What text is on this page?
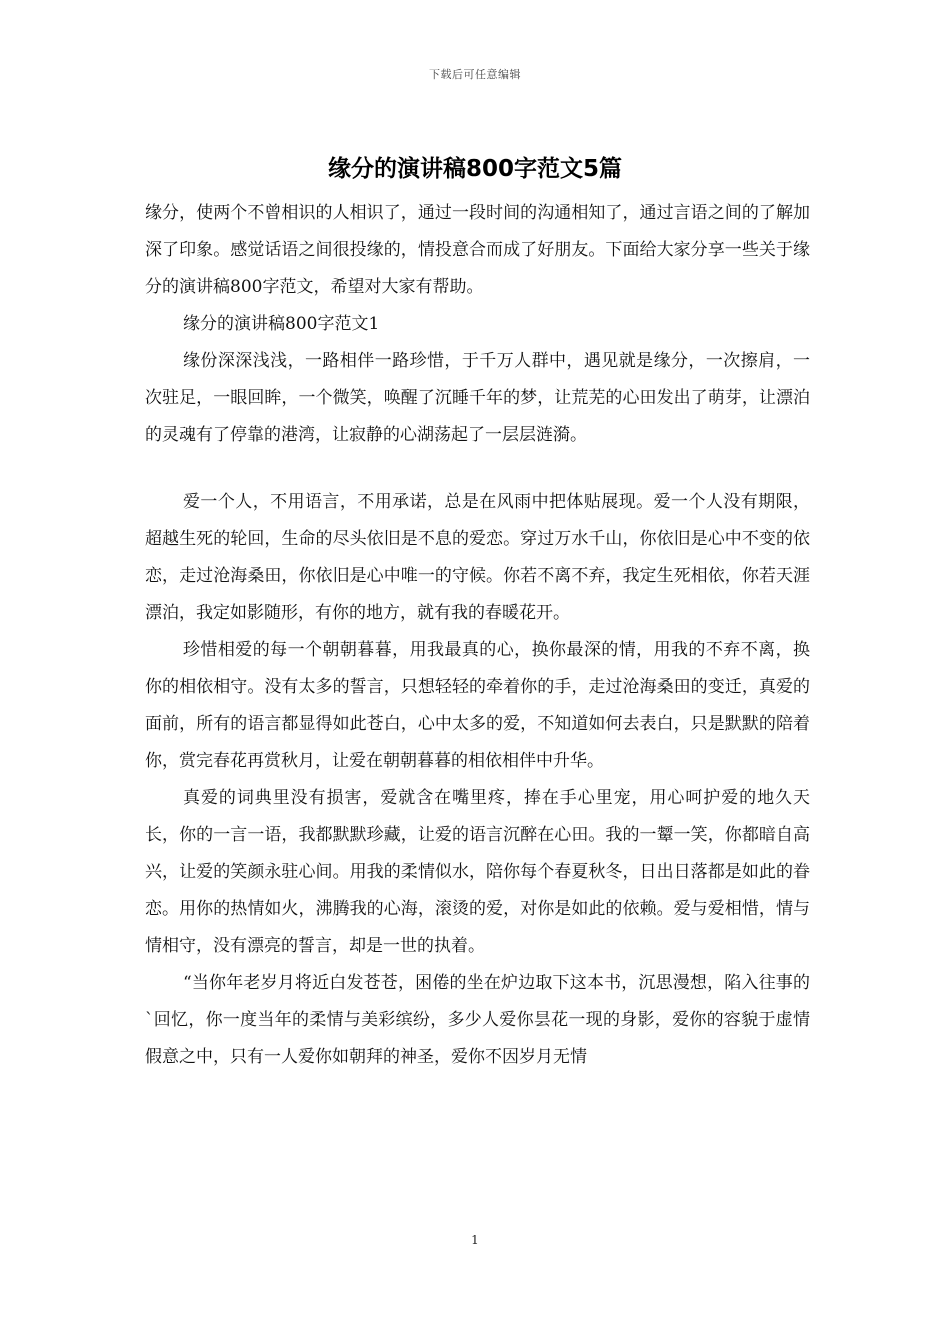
下载后可任意编辑
缘分的演讲稿800字范文5篇

缘分，使两个不曾相识的人相识了，通过一段时间的沟通相知了，通过言语之间的了解加深了印象。感觉话语之间很投缘的，情投意合而成了好朋友。下面给大家分享一些关于缘分的演讲稿800字范文，希望对大家有帮助。

缘分的演讲稿800字范文1

缘份深深浅浅，一路相伴一路珍惜，于千万人群中，遇见就是缘分，一次擦肩，一次驻足，一眼回眸，一个微笑，唤醒了沉睡千年的梦，让荒芜的心田发出了萌芽，让漂泊的灵魂有了停靠的港湾，让寂静的心湖荡起了一层层涟漪。

爱一个人，不用语言，不用承诺，总是在风雨中把体贴展现。爱一个人没有期限，超越生死的轮回，生命的尽头依旧是不息的爱恋。穿过万水千山，你依旧是心中不变的依恋，走过沧海桑田，你依旧是心中唯一的守候。你若不离不弃，我定生死相依，你若天涯漂泊，我定如影随形，有你的地方，就有我的春暖花开。

珍惜相爱的每一个朝朝暮暮，用我最真的心，换你最深的情，用我的不弃不离，换你的相依相守。没有太多的誓言，只想轻轻的牵着你的手，走过沧海桑田的变迁，真爱的面前，所有的语言都显得如此苍白，心中太多的爱，不知道如何去表白，只是默默的陪着你，赏完春花再赏秋月，让爱在朝朝暮暮的相依相伴中升华。

真爱的词典里没有损害，爱就含在嘴里疼，捧在手心里宠，用心呵护爱的地久天长，你的一言一语，我都默默珍藏，让爱的语言沉醉在心田。我的一颦一笑，你都暗自高兴，让爱的笑颜永驻心间。用我的柔情似水，陪你每个春夏秋冬，日出日落都是如此的眷恋。用你的热情如火，沸腾我的心海，滚烫的爱，对你是如此的依赖。爱与爱相惜，情与情相守，没有漂亮的誓言，却是一世的执着。

“当你年老岁月将近白发苍苍，困倦的坐在炉边取下这本书，沉思漫想，陷入往事的`回忆，你一度当年的柔情与美彩缤纷，多少人爱你昙花一现的身影，爱你的容貌于虚情假意之中，只有一人爱你如朝拜的神圣，爱你不因岁月无情

1
